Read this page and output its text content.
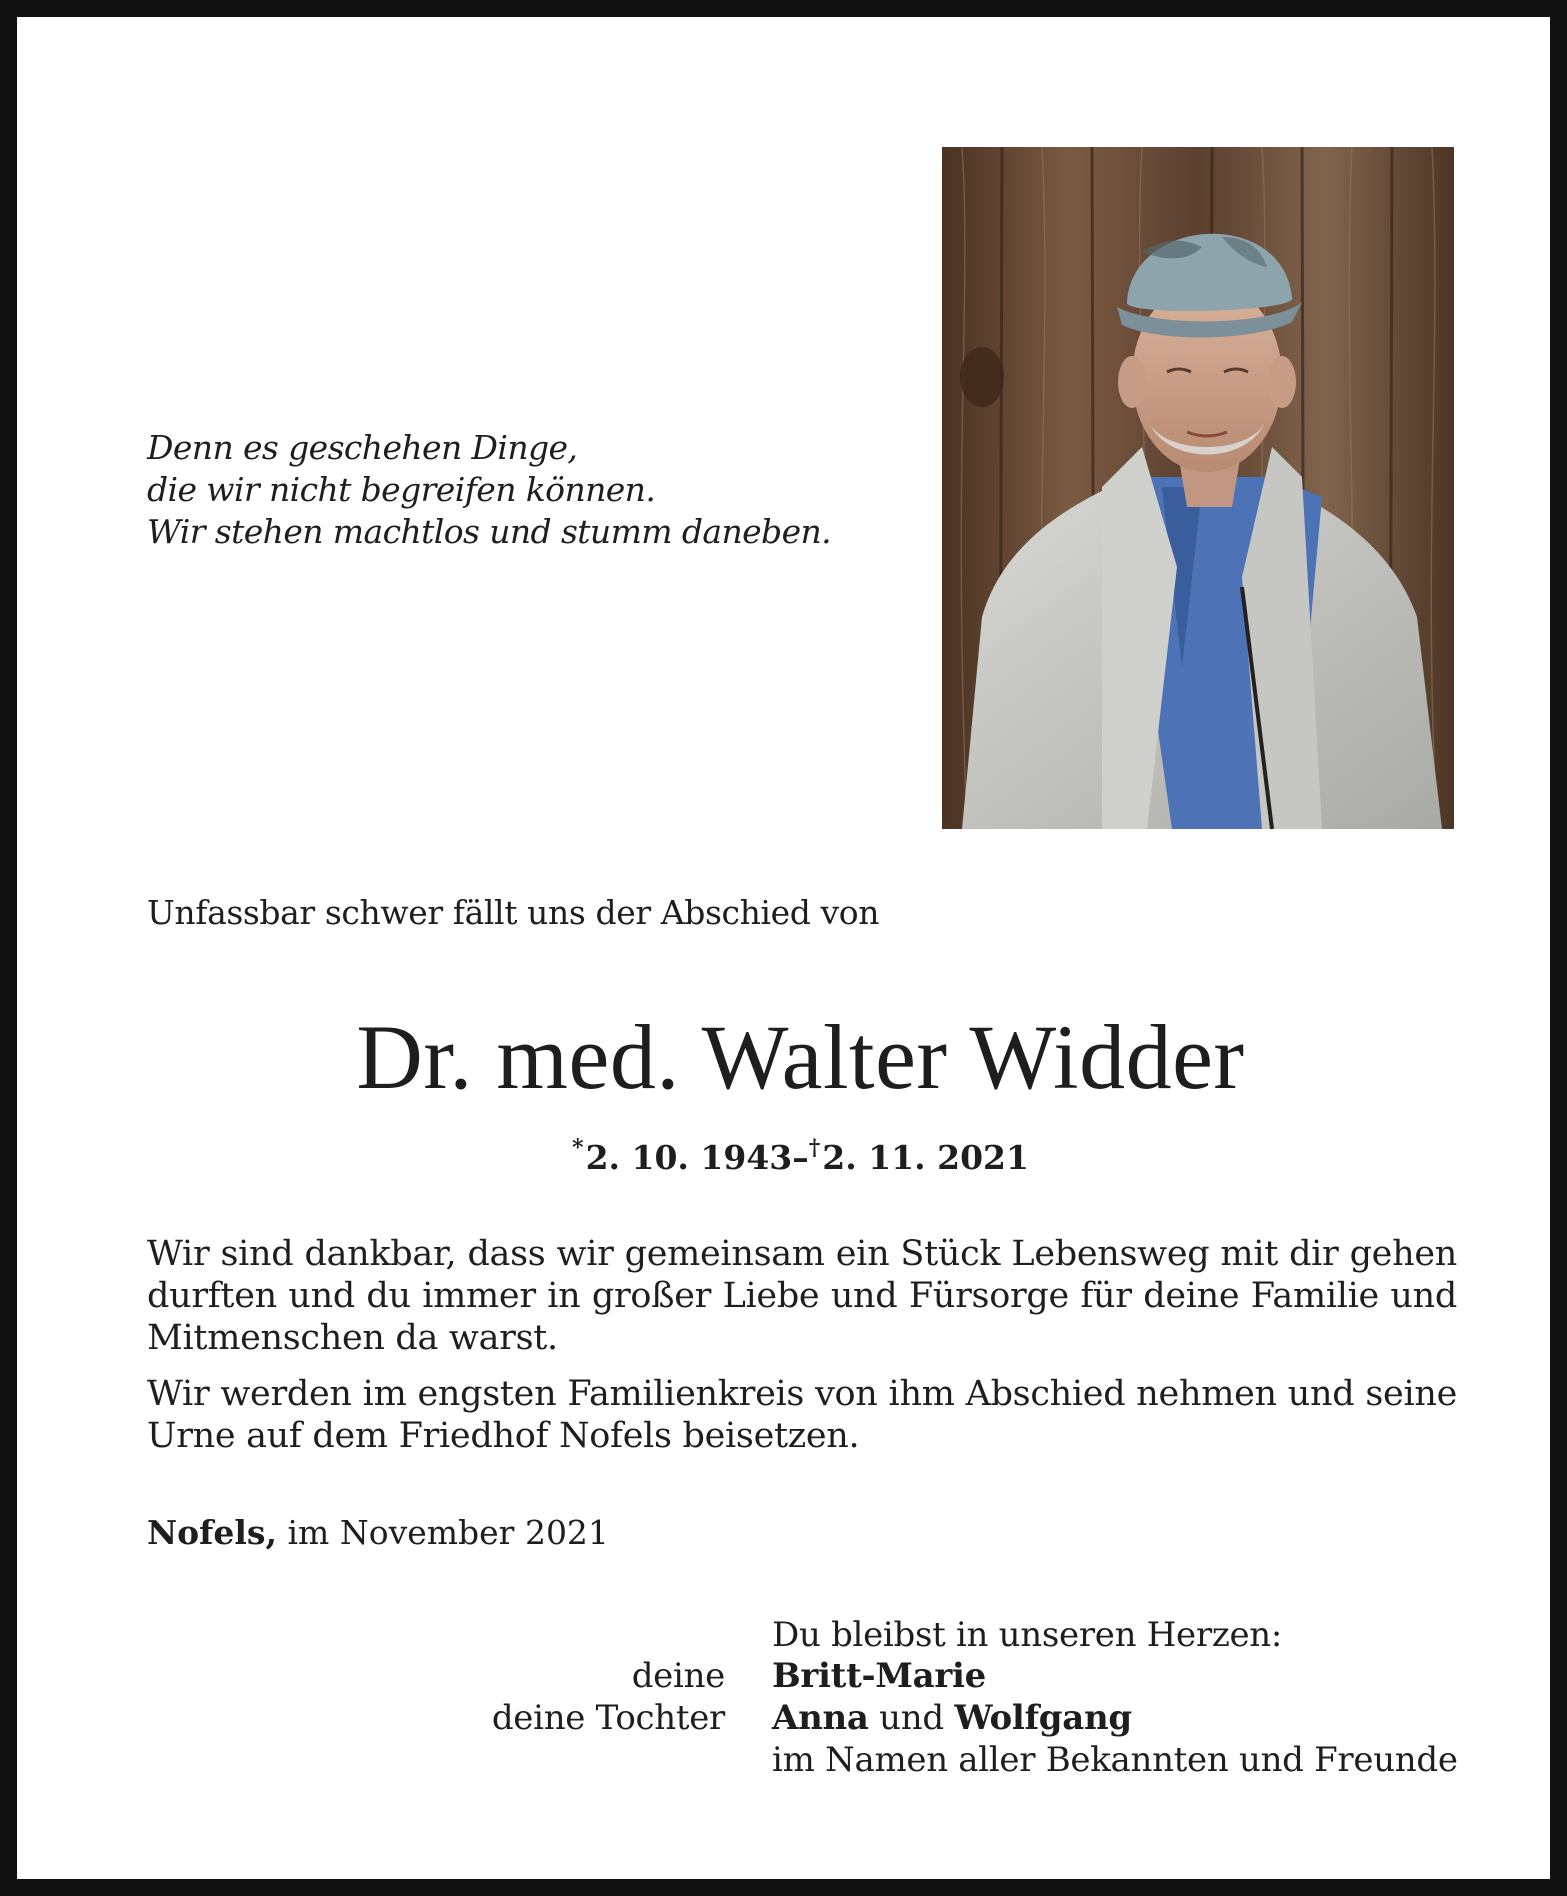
Denn es geschehen Dinge,
die wir nicht begreifen können.
Wir stehen machtlos und stumm daneben.
Unfassbar schwer fällt uns der Abschied von
Dr. med. Walter Widder
*2. 10. 1943–†2. 11. 2021
Wir sind dankbar, dass wir gemeinsam ein Stück Lebensweg mit dir gehen durften und du immer in großer Liebe und Fürsorge für deine Familie und Mitmenschen da warst.
Wir werden im engsten Familienkreis von ihm Abschied nehmen und seine Urne auf dem Friedhof Nofels beisetzen.
Nofels, im November 2021
Du bleibst in unseren Herzen:
deine Britt-Marie
deine Tochter Anna und Wolfgang
im Namen aller Bekannten und Freunde
